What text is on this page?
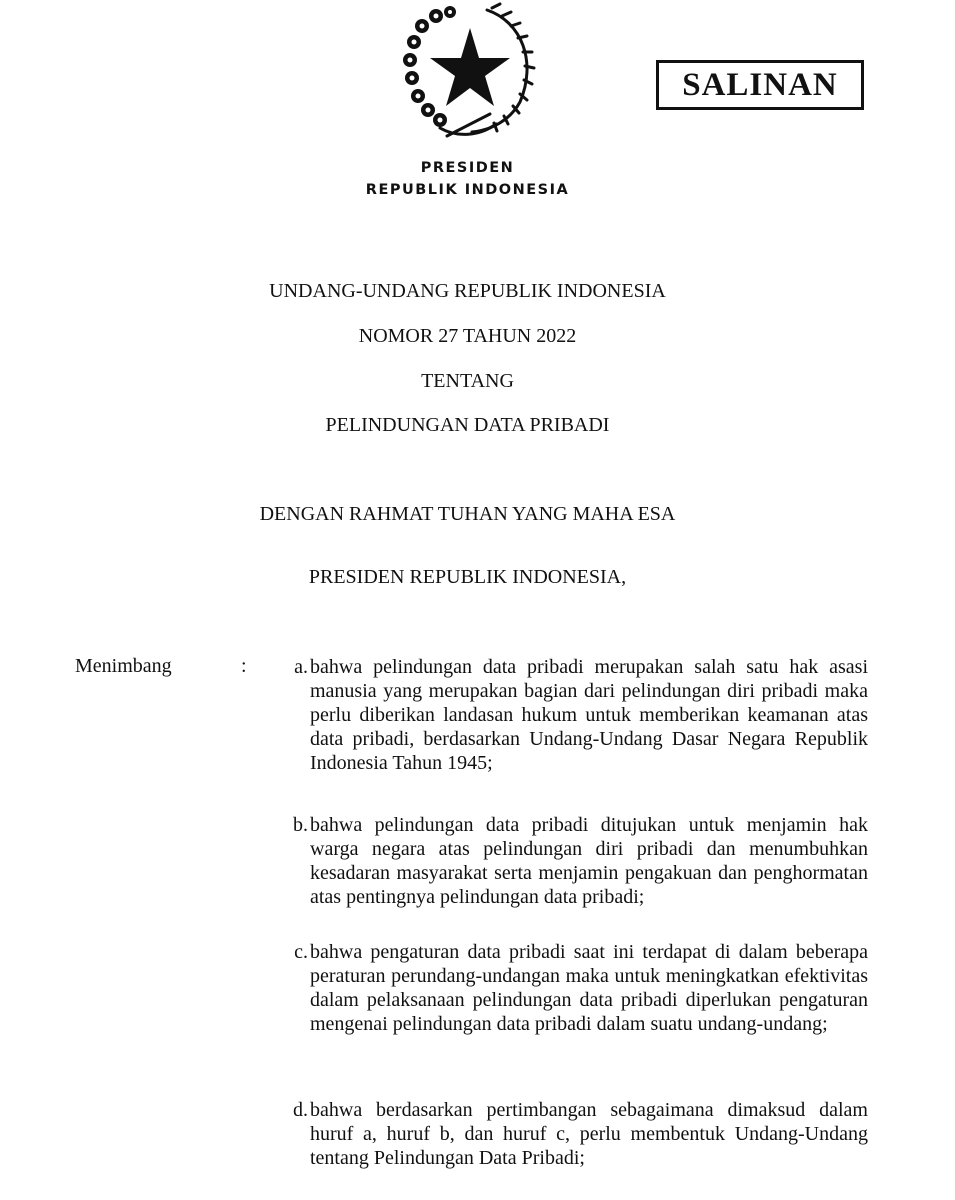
SALINAN
PRESIDEN
REPUBLIK INDONESIA
UNDANG-UNDANG REPUBLIK INDONESIA
NOMOR 27 TAHUN 2022
TENTANG
PELINDUNGAN DATA PRIBADI
DENGAN RAHMAT TUHAN YANG MAHA ESA
PRESIDEN REPUBLIK INDONESIA,
Menimbang	:	a. bahwa pelindungan data pribadi merupakan salah satu hak asasi manusia yang merupakan bagian dari pelindungan diri pribadi maka perlu diberikan landasan hukum untuk memberikan keamanan atas data pribadi, berdasarkan Undang-Undang Dasar Negara Republik Indonesia Tahun 1945;
b. bahwa pelindungan data pribadi ditujukan untuk menjamin hak warga negara atas pelindungan diri pribadi dan menumbuhkan kesadaran masyarakat serta menjamin pengakuan dan penghormatan atas pentingnya pelindungan data pribadi;
c. bahwa pengaturan data pribadi saat ini terdapat di dalam beberapa peraturan perundang-undangan maka untuk meningkatkan efektivitas dalam pelaksanaan pelindungan data pribadi diperlukan pengaturan mengenai pelindungan data pribadi dalam suatu undang-undang;
d. bahwa berdasarkan pertimbangan sebagaimana dimaksud dalam huruf a, huruf b, dan huruf c, perlu membentuk Undang-Undang tentang Pelindungan Data Pribadi;
